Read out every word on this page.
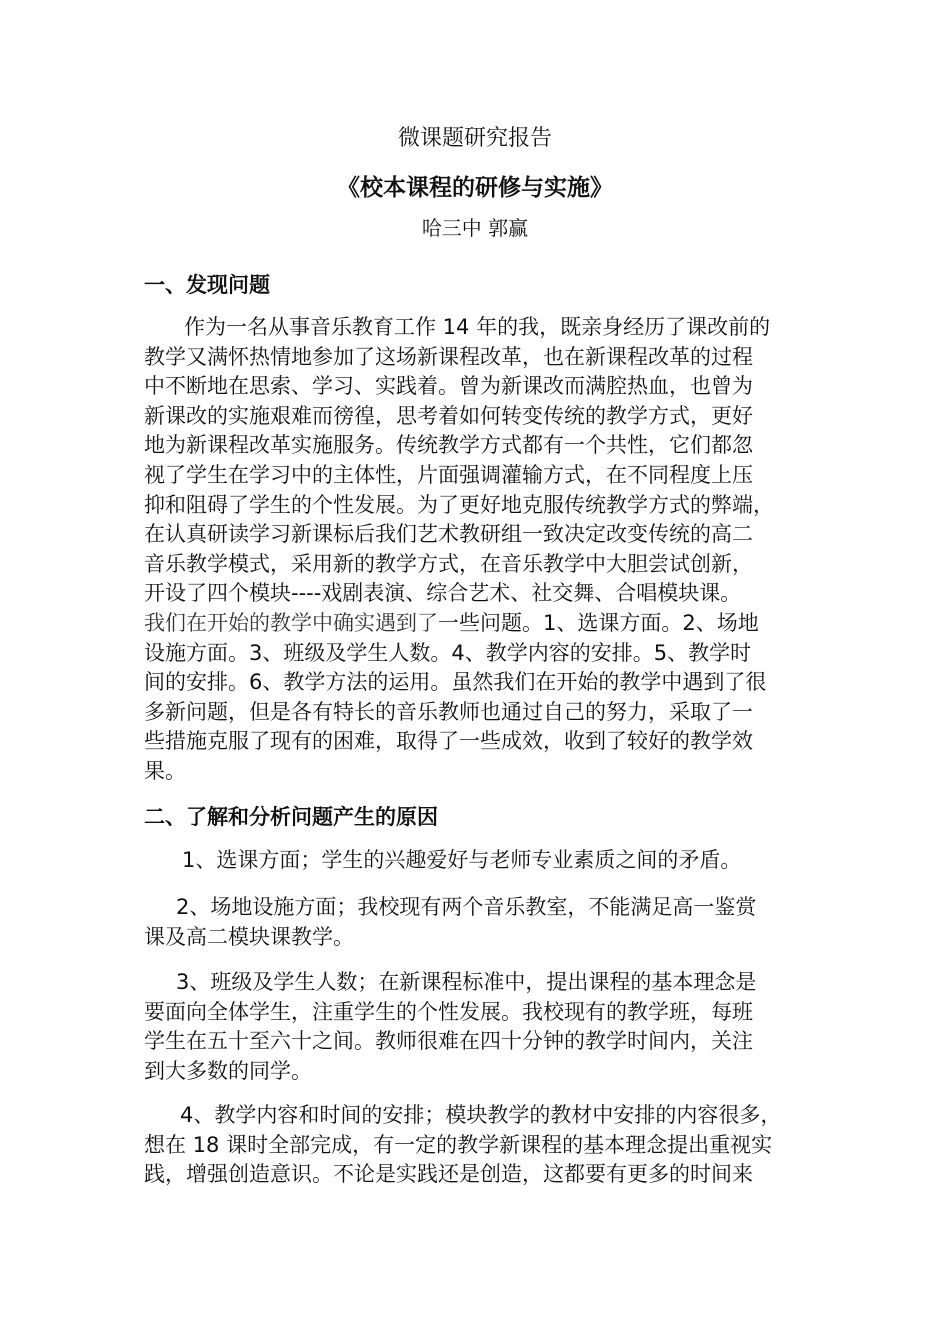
微课题研究报告
《校本课程的研修与实施》
哈三中 郭赢
一、发现问题
作为一名从事音乐教育工作 14 年的我，既亲身经历了课改前的
教学又满怀热情地参加了这场新课程改革，也在新课程改革的过程
中不断地在思索、学习、实践着。曾为新课改而满腔热血，也曾为
新课改的实施艰难而徬徨，思考着如何转变传统的教学方式，更好
地为新课程改革实施服务。传统教学方式都有一个共性，它们都忽
视了学生在学习中的主体性，片面强调灌输方式，在不同程度上压
抑和阻碍了学生的个性发展。为了更好地克服传统教学方式的弊端，
在认真研读学习新课标后我们艺术教研组一致决定改变传统的高二
音乐教学模式，采用新的教学方式，在音乐教学中大胆尝试创新，
开设了四个模块----戏剧表演、综合艺术、社交舞、合唱模块课。
我们在开始的教学中确实遇到了一些问题。1、选课方面。2、场地
设施方面。3、班级及学生人数。4、教学内容的安排。5、教学时
间的安排。6、教学方法的运用。虽然我们在开始的教学中遇到了很
多新问题，但是各有特长的音乐教师也通过自己的努力，采取了一
些措施克服了现有的困难，取得了一些成效，收到了较好的教学效
果。
二、了解和分析问题产生的原因
1、选课方面；学生的兴趣爱好与老师专业素质之间的矛盾。
2、场地设施方面；我校现有两个音乐教室，不能满足高一鉴赏
课及高二模块课教学。
3、班级及学生人数；在新课程标准中，提出课程的基本理念是
要面向全体学生，注重学生的个性发展。我校现有的教学班，每班
学生在五十至六十之间。教师很难在四十分钟的教学时间内，关注
到大多数的同学。
4、教学内容和时间的安排；模块教学的教材中安排的内容很多，
想在 18 课时全部完成，有一定的教学新课程的基本理念提出重视实
践，增强创造意识。不论是实践还是创造，这都要有更多的时间来
